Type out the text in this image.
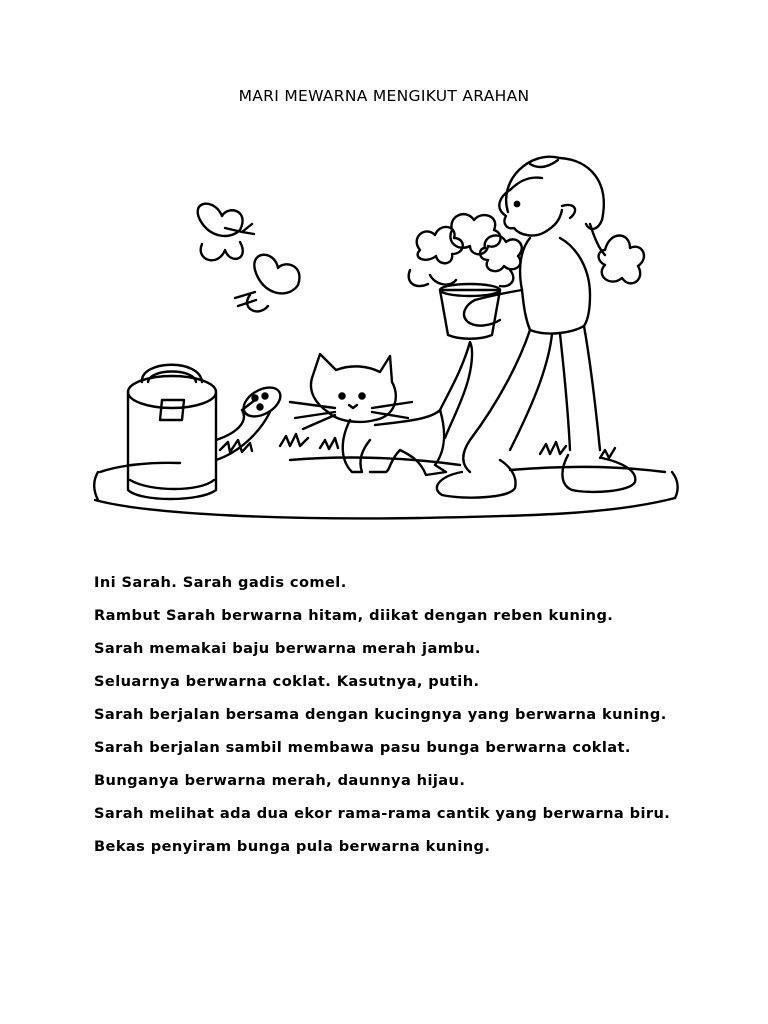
MARI MEWARNA MENGIKUT ARAHAN

Ini Sarah. Sarah gadis comel.

Rambut Sarah berwarna hitam, diikat dengan reben kuning.

Sarah memakai baju berwarna merah jambu.

Seluarnya berwarna coklat. Kasutnya, putih.

Sarah berjalan bersama dengan kucingnya yang berwarna kuning.

Sarah berjalan sambil membawa pasu bunga berwarna coklat.

Bunganya berwarna merah, daunnya hijau.

Sarah melihat ada dua ekor rama-rama cantik yang berwarna biru.

Bekas penyiram bunga pula berwarna kuning.
